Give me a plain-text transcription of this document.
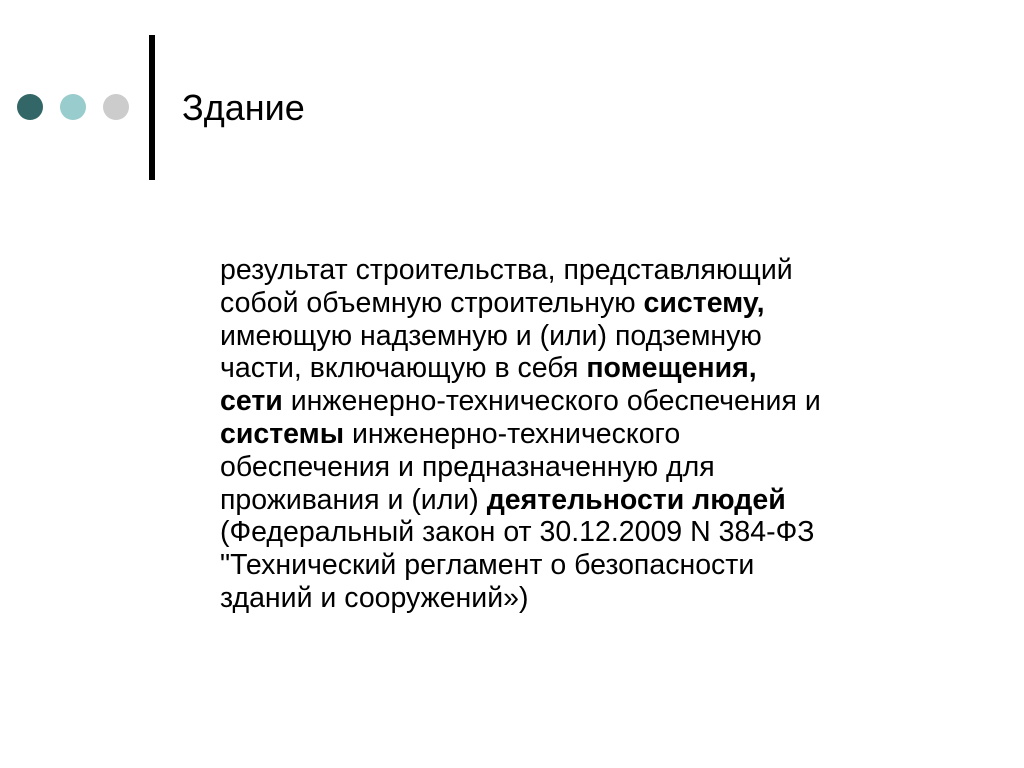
Здание
результат строительства, представляющий
собой объемную строительную систему,
имеющую надземную и (или) подземную
части, включающую в себя помещения,
сети инженерно-технического обеспечения и
системы инженерно-технического
обеспечения и предназначенную для
проживания и (или) деятельности людей
(Федеральный закон от 30.12.2009 N 384-ФЗ
"Технический регламент о безопасности
зданий и сооружений»)
